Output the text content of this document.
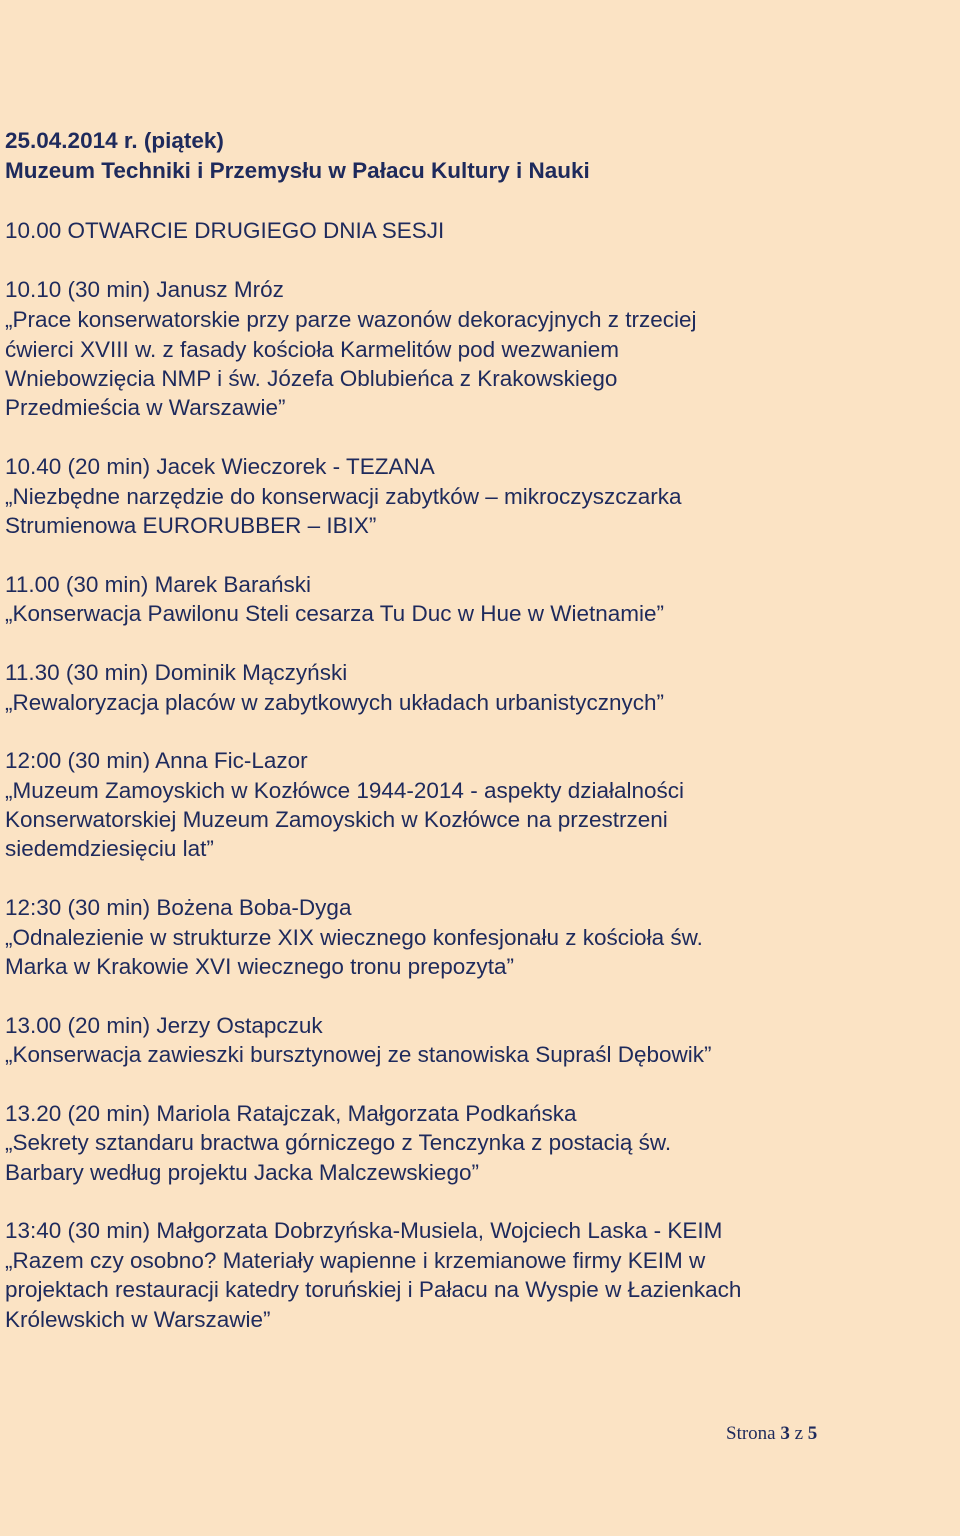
25.04.2014 r. (piątek)
Muzeum Techniki i Przemysłu w Pałacu Kultury i Nauki
10.00 OTWARCIE DRUGIEGO DNIA SESJI
10.10 (30 min) Janusz Mróz
„Prace konserwatorskie przy parze wazonów dekoracyjnych z trzeciej
ćwierci XVIII w. z fasady kościoła Karmelitów pod wezwaniem
Wniebowzięcia NMP i św. Józefa Oblubieńca z Krakowskiego
Przedmieścia w Warszawie”
10.40 (20 min) Jacek Wieczorek - TEZANA
„Niezbędne narzędzie do konserwacji zabytków – mikroczyszczarka
Strumienowa EURORUBBER – IBIX”
11.00 (30 min) Marek Barański
„Konserwacja Pawilonu Steli cesarza Tu Duc w Hue w Wietnamie”
11.30 (30 min) Dominik Mączyński
„Rewaloryzacja placów w zabytkowych układach urbanistycznych”
12:00 (30 min) Anna Fic-Lazor
„Muzeum Zamoyskich w Kozłówce 1944-2014 - aspekty działalności
Konserwatorskiej Muzeum Zamoyskich w Kozłówce na przestrzeni
siedemdziesięciu lat”
12:30 (30 min) Bożena Boba-Dyga
„Odnalezienie w strukturze XIX wiecznego konfesjonału z kościoła św.
Marka w Krakowie XVI wiecznego tronu prepozyta”
13.00 (20 min) Jerzy Ostapczuk
„Konserwacja zawieszki bursztynowej ze stanowiska Supraśl Dębowik”
13.20 (20 min) Mariola Ratajczak, Małgorzata Podkańska
„Sekrety sztandaru bractwa górniczego z Tenczynka z postacią św.
Barbary według projektu Jacka Malczewskiego”
13:40 (30 min) Małgorzata Dobrzyńska-Musiela, Wojciech Laska - KEIM
„Razem czy osobno? Materiały wapienne i krzemianowe firmy KEIM w
projektach restauracji katedry toruńskiej i Pałacu na Wyspie w Łazienkach
Królewskich w Warszawie”
Strona 3 z 5
